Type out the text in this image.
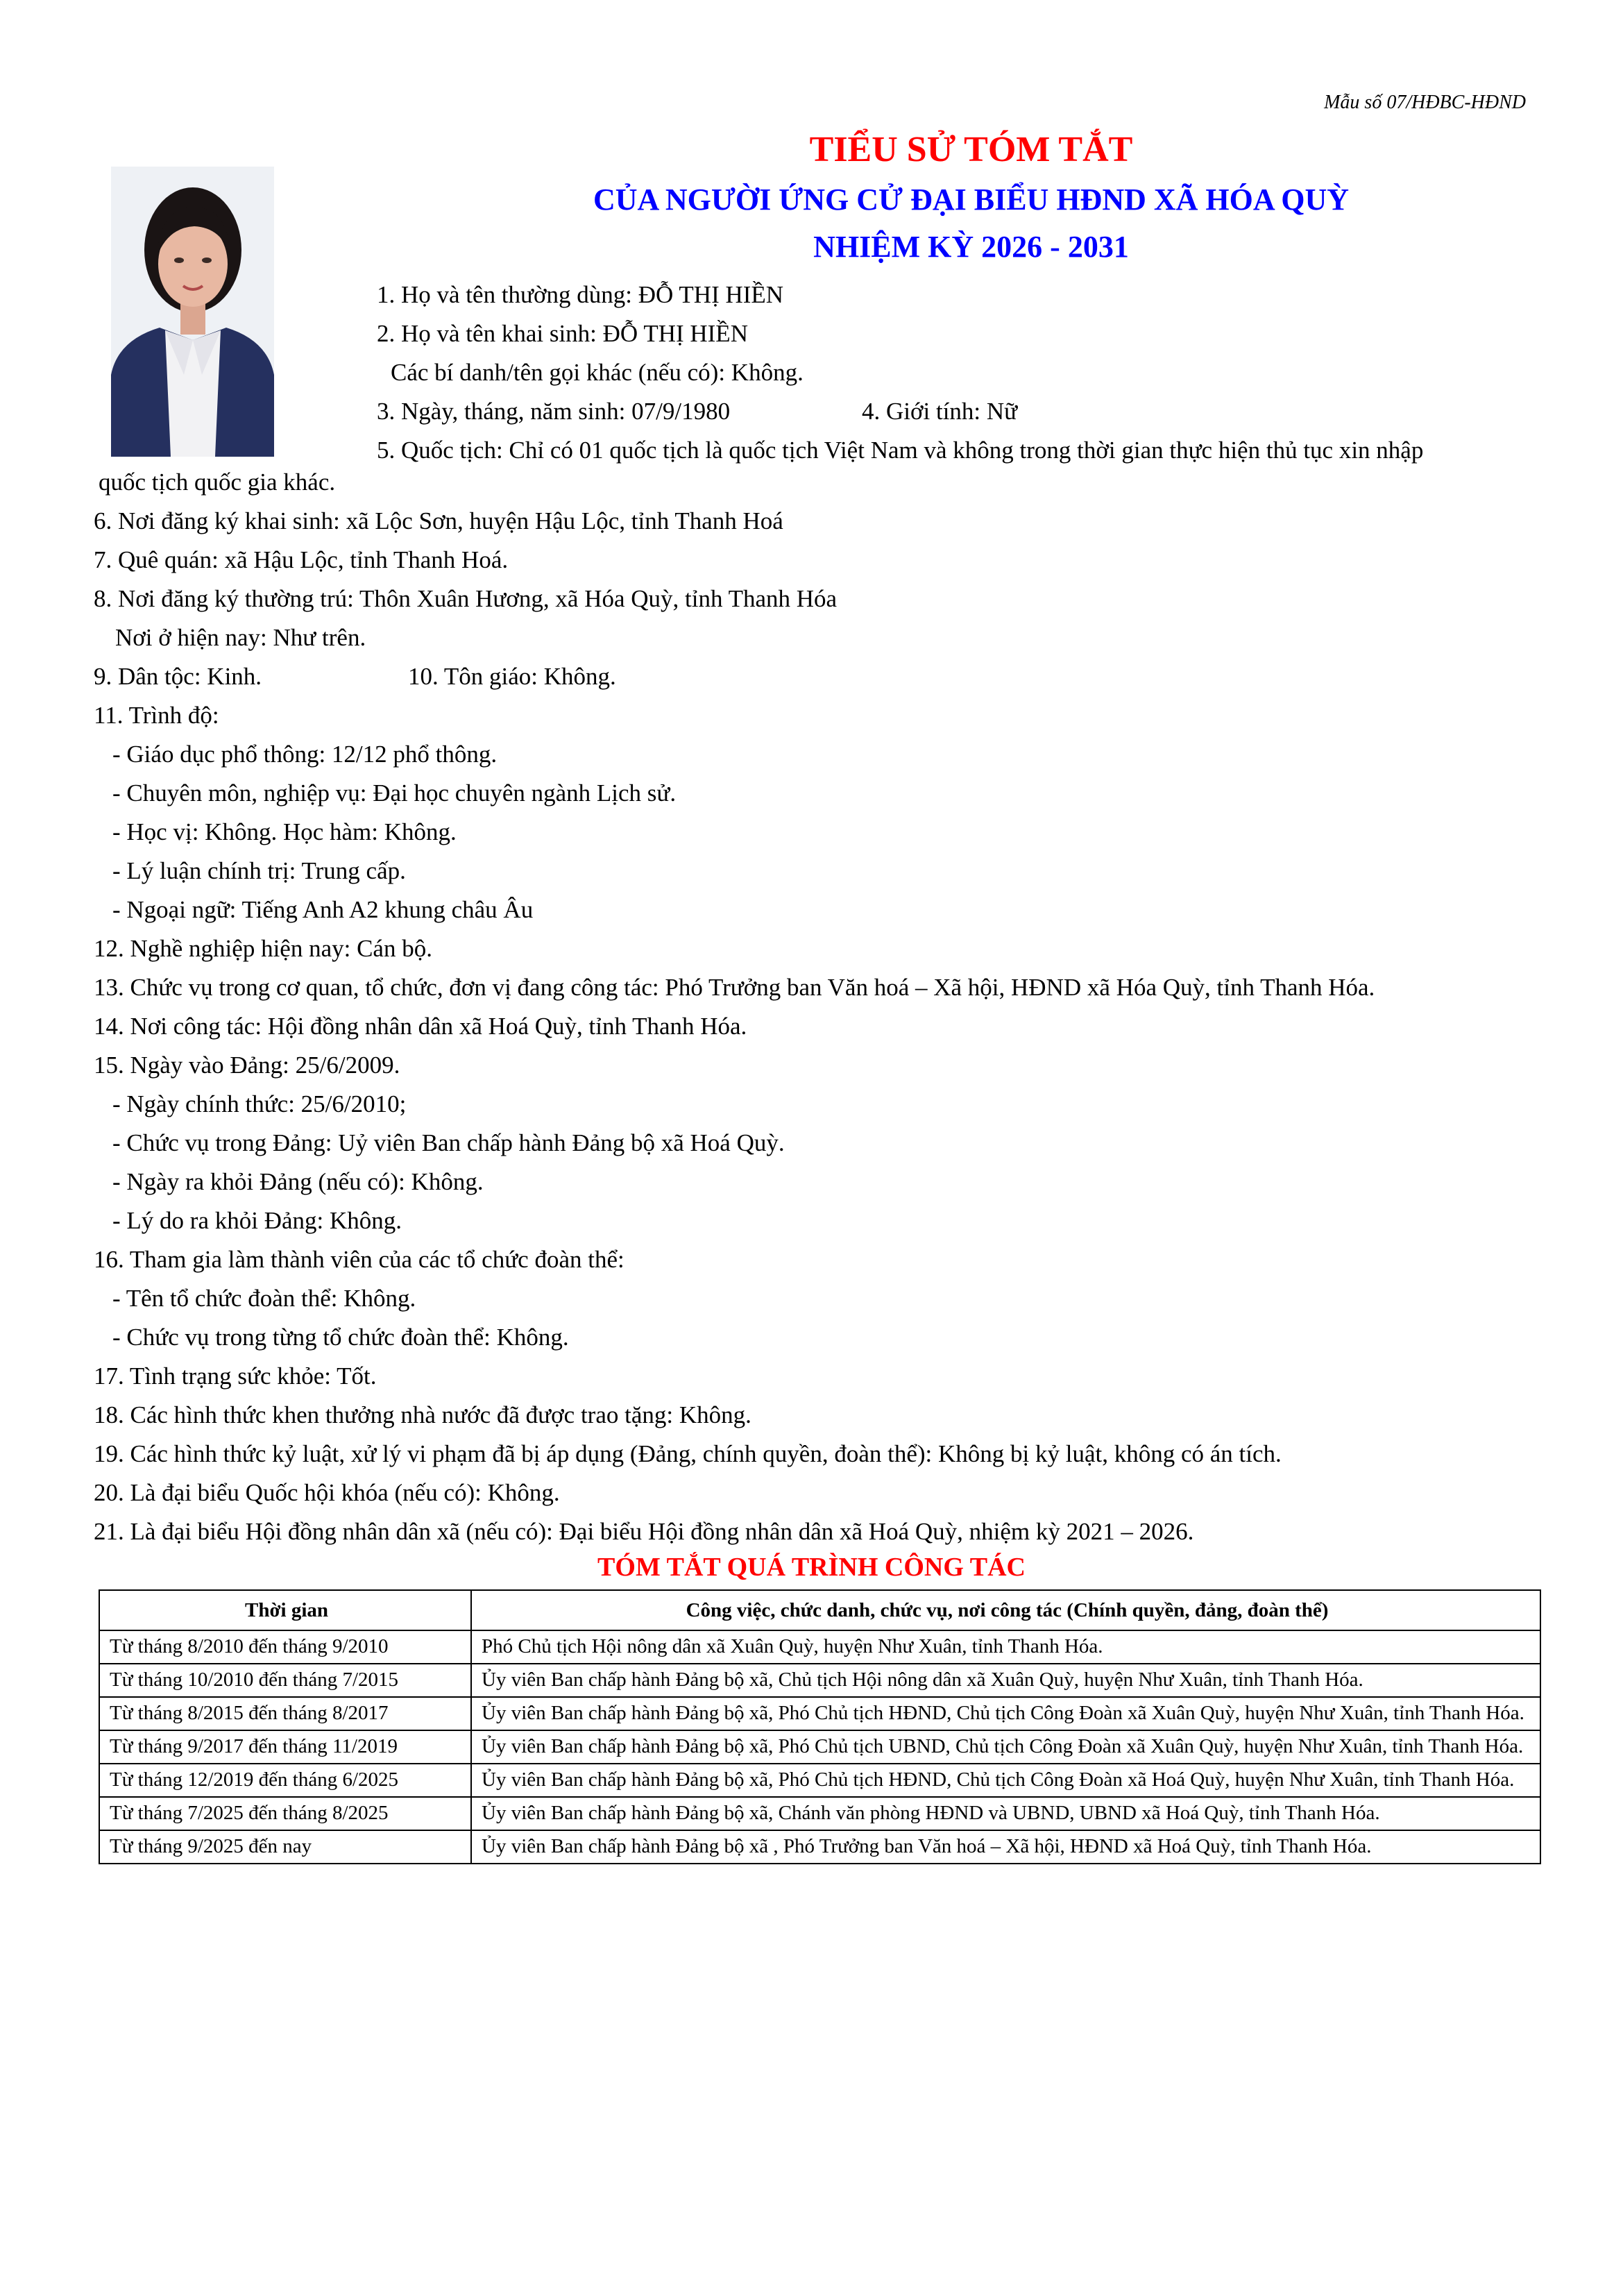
Mẫu số 07/HĐBC-HĐND
TIỂU SỬ TÓM TẮT
CỦA NGƯỜI ỨNG CỬ ĐẠI BIỂU HĐND XÃ HÓA QUỲ
NHIỆM KỲ 2026 - 2031
1. Họ và tên thường dùng: ĐỖ THỊ HIỀN
2. Họ và tên khai sinh: ĐỖ THỊ HIỀN
Các bí danh/tên gọi khác (nếu có): Không.
3. Ngày, tháng, năm sinh: 07/9/1980	4. Giới tính: Nữ
5. Quốc tịch: Chỉ có 01 quốc tịch là quốc tịch Việt Nam và không trong thời gian thực hiện thủ tục xin nhập
quốc tịch quốc gia khác.
6. Nơi đăng ký khai sinh: xã Lộc Sơn, huyện Hậu Lộc, tỉnh Thanh Hoá
7. Quê quán: xã Hậu Lộc, tỉnh Thanh Hoá.
8. Nơi đăng ký thường trú: Thôn Xuân Hương, xã Hóa Quỳ, tỉnh Thanh Hóa
Nơi ở hiện nay: Như trên.
9. Dân tộc: Kinh.	10. Tôn giáo: Không.
11. Trình độ:
- Giáo dục phổ thông: 12/12 phổ thông.
- Chuyên môn, nghiệp vụ: Đại học chuyên ngành Lịch sử.
- Học vị: Không. Học hàm: Không.
- Lý luận chính trị: Trung cấp.
- Ngoại ngữ: Tiếng Anh A2 khung châu Âu
12. Nghề nghiệp hiện nay: Cán bộ.
13. Chức vụ trong cơ quan, tổ chức, đơn vị đang công tác: Phó Trưởng ban Văn hoá – Xã hội, HĐND xã Hóa Quỳ, tỉnh Thanh Hóa.
14. Nơi công tác: Hội đồng nhân dân xã Hoá Quỳ, tỉnh Thanh Hóa.
15. Ngày vào Đảng: 25/6/2009.
- Ngày chính thức: 25/6/2010;
- Chức vụ trong Đảng: Uỷ viên Ban chấp hành Đảng bộ xã Hoá Quỳ.
- Ngày ra khỏi Đảng (nếu có): Không.
- Lý do ra khỏi Đảng: Không.
16. Tham gia làm thành viên của các tổ chức đoàn thể:
- Tên tổ chức đoàn thể: Không.
- Chức vụ trong từng tổ chức đoàn thể: Không.
17. Tình trạng sức khỏe: Tốt.
18. Các hình thức khen thưởng nhà nước đã được trao tặng: Không.
19. Các hình thức kỷ luật, xử lý vi phạm đã bị áp dụng (Đảng, chính quyền, đoàn thể): Không bị kỷ luật, không có án tích.
20. Là đại biểu Quốc hội khóa (nếu có): Không.
21. Là đại biểu Hội đồng nhân dân xã (nếu có): Đại biểu Hội đồng nhân dân xã Hoá Quỳ, nhiệm kỳ 2021 – 2026.
TÓM TẮT QUÁ TRÌNH CÔNG TÁC
Thời gian	Công việc, chức danh, chức vụ, nơi công tác (Chính quyền, đảng, đoàn thể)
Từ tháng 8/2010 đến tháng 9/2010	Phó Chủ tịch Hội nông dân xã Xuân Quỳ, huyện Như Xuân, tỉnh Thanh Hóa.
Từ tháng 10/2010 đến tháng 7/2015	Ủy viên Ban chấp hành Đảng bộ xã, Chủ tịch Hội nông dân xã Xuân Quỳ, huyện Như Xuân, tỉnh Thanh Hóa.
Từ tháng 8/2015 đến tháng 8/2017	Ủy viên Ban chấp hành Đảng bộ xã, Phó Chủ tịch HĐND, Chủ tịch Công Đoàn xã Xuân Quỳ, huyện Như Xuân, tỉnh Thanh Hóa.
Từ tháng 9/2017 đến tháng 11/2019	Ủy viên Ban chấp hành Đảng bộ xã, Phó Chủ tịch UBND, Chủ tịch Công Đoàn xã Xuân Quỳ, huyện Như Xuân, tỉnh Thanh Hóa.
Từ tháng 12/2019 đến tháng 6/2025	Ủy viên Ban chấp hành Đảng bộ xã, Phó Chủ tịch HĐND, Chủ tịch Công Đoàn xã Hoá Quỳ, huyện Như Xuân, tỉnh Thanh Hóa.
Từ tháng 7/2025 đến tháng 8/2025	Ủy viên Ban chấp hành Đảng bộ xã, Chánh văn phòng HĐND và UBND, UBND xã Hoá Quỳ, tỉnh Thanh Hóa.
Từ tháng 9/2025 đến nay	Ủy viên Ban chấp hành Đảng bộ xã , Phó Trưởng ban Văn hoá – Xã hội, HĐND xã Hoá Quỳ, tỉnh Thanh Hóa.
